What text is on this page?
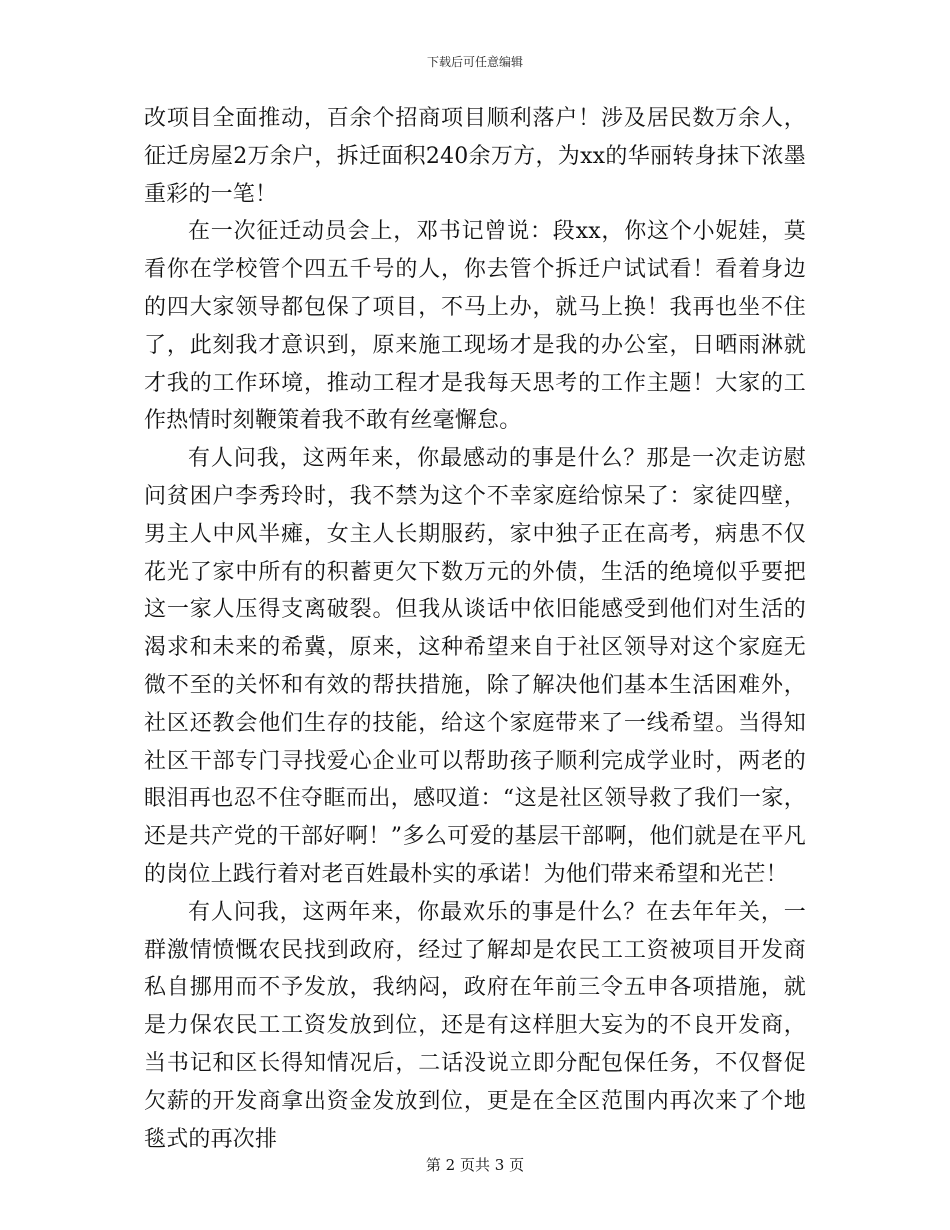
下载后可任意编辑

改项目全面推动，百余个招商项目顺利落户！涉及居民数万余人，征迁房屋2万余户，拆迁面积240余万方，为xx的华丽转身抹下浓墨重彩的一笔！

在一次征迁动员会上，邓书记曾说：段xx，你这个小妮娃，莫看你在学校管个四五千号的人，你去管个拆迁户试试看！看着身边的四大家领导都包保了项目，不马上办，就马上换！我再也坐不住了，此刻我才意识到，原来施工现场才是我的办公室，日晒雨淋就才我的工作环境，推动工程才是我每天思考的工作主题！大家的工作热情时刻鞭策着我不敢有丝毫懈怠。

有人问我，这两年来，你最感动的事是什么？那是一次走访慰问贫困户李秀玲时，我不禁为这个不幸家庭给惊呆了：家徒四壁，男主人中风半瘫，女主人长期服药，家中独子正在高考，病患不仅花光了家中所有的积蓄更欠下数万元的外债，生活的绝境似乎要把这一家人压得支离破裂。但我从谈话中依旧能感受到他们对生活的渴求和未来的希冀，原来，这种希望来自于社区领导对这个家庭无微不至的关怀和有效的帮扶措施，除了解决他们基本生活困难外，社区还教会他们生存的技能，给这个家庭带来了一线希望。当得知社区干部专门寻找爱心企业可以帮助孩子顺利完成学业时，两老的眼泪再也忍不住夺眶而出，感叹道：“这是社区领导救了我们一家，还是共产党的干部好啊！”多么可爱的基层干部啊，他们就是在平凡的岗位上践行着对老百姓最朴实的承诺！为他们带来希望和光芒！

有人问我，这两年来，你最欢乐的事是什么？在去年年关，一群激情愤慨农民找到政府，经过了解却是农民工工资被项目开发商私自挪用而不予发放，我纳闷，政府在年前三令五申各项措施，就是力保农民工工资发放到位，还是有这样胆大妄为的不良开发商，当书记和区长得知情况后，二话没说立即分配包保任务，不仅督促欠薪的开发商拿出资金发放到位，更是在全区范围内再次来了个地毯式的再次排

第 2 页共 3 页
